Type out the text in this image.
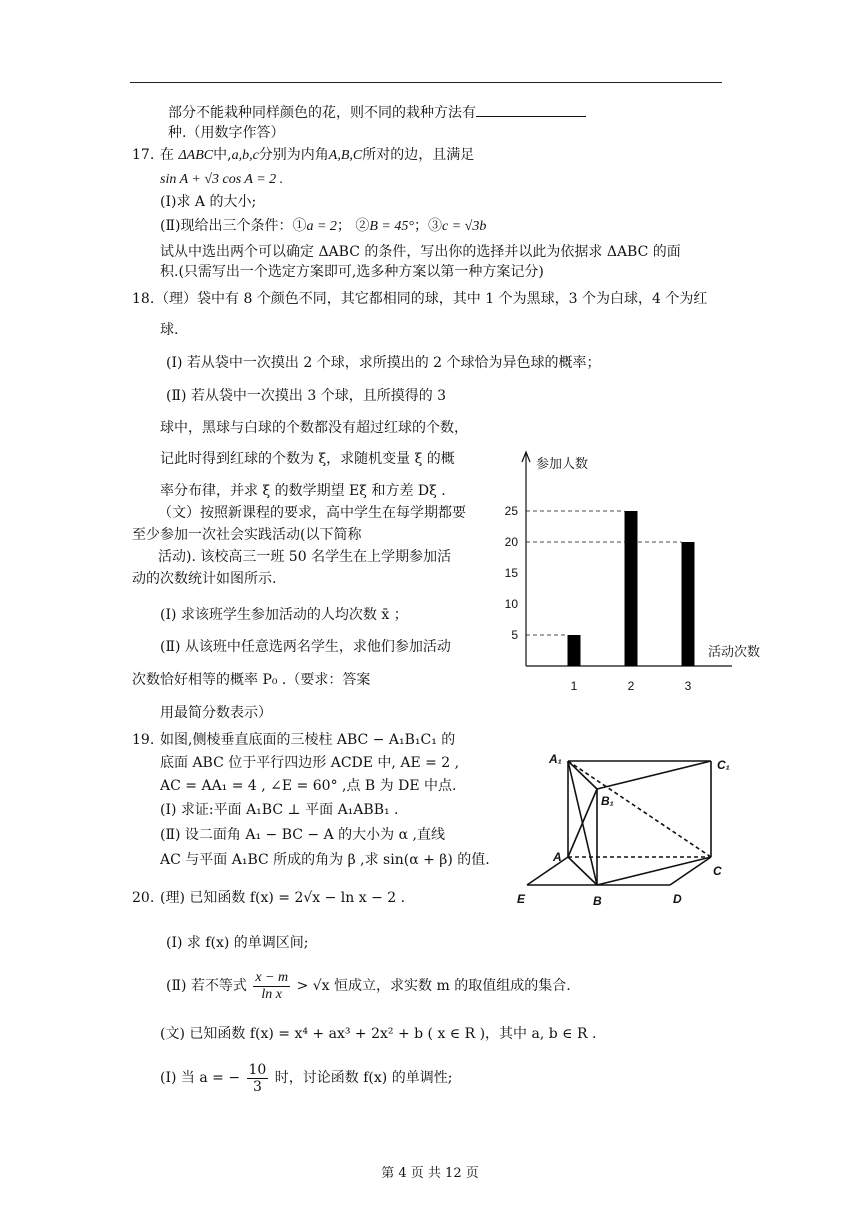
部分不能栽种同样颜色的花，则不同的栽种方法有
种.（用数字作答）
17. 在 ΔABC中,a,b,c分别为内角A,B,C所对的边，且满足
sin A + √3 cos A = 2 .
(Ⅰ)求 A 的大小;
(Ⅱ)现给出三个条件：①a = 2； ②B = 45°；③c = √3b
试从中选出两个可以确定 ΔABC 的条件，写出你的选择并以此为依据求 ΔABC 的面
积.(只需写出一个选定方案即可,选多种方案以第一种方案记分)
18. （理）袋中有 8 个颜色不同，其它都相同的球，其中 1 个为黑球，3 个为白球，4 个为红
球.
(Ⅰ) 若从袋中一次摸出 2 个球，求所摸出的 2 个球恰为异色球的概率；
(Ⅱ) 若从袋中一次摸出 3 个球，且所摸得的 3
球中，黑球与白球的个数都没有超过红球的个数，
记此时得到红球的个数为 ξ，求随机变量 ξ 的概
率分布律，并求 ξ 的数学期望 Eξ 和方差 Dξ .
（文）按照新课程的要求，高中学生在每学期都要
至少参加一次社会实践活动(以下简称
活动). 该校高三一班 50 名学生在上学期参加活
动的次数统计如图所示.
(Ⅰ) 求该班学生参加活动的人均次数 x̄ ；
(Ⅱ) 从该班中任意选两名学生，求他们参加活动
次数恰好相等的概率 P₀ .（要求：答案
用最简分数表示）
参加人数
活动次数
5
10
15
20
25
1	2	3
19. 如图,侧棱垂直底面的三棱柱 ABC − A₁B₁C₁ 的
底面 ABC 位于平行四边形 ACDE 中, AE = 2 ,
AC = AA₁ = 4 , ∠E = 60° ,点 B 为 DE 中点.
(Ⅰ) 求证:平面 A₁BC ⊥ 平面 A₁ABB₁ .
(Ⅱ) 设二面角 A₁ − BC − A 的大小为 α ,直线
AC 与平面 A₁BC 所成的角为 β ,求 sin(α + β) 的值.
A₁	C₁
B₁
A
C
E	B	D
20. (理) 已知函数 f(x) = 2√x − ln x − 2 .
(Ⅰ) 求 f(x) 的单调区间;
(Ⅱ) 若不等式 $\frac{x - m}{\text{ln x}} > √x$ 恒成立，求实数 m 的取值组成的集合.
(文) 已知函数 f(x) = x⁴ + ax³ + 2x² + b ( x ∈ R )，其中 a, b ∈ R .
(Ⅰ) 当 a = − $\frac{10}{3}$ 时，讨论函数 f(x) 的单调性;
第 4 页 共 12 页
